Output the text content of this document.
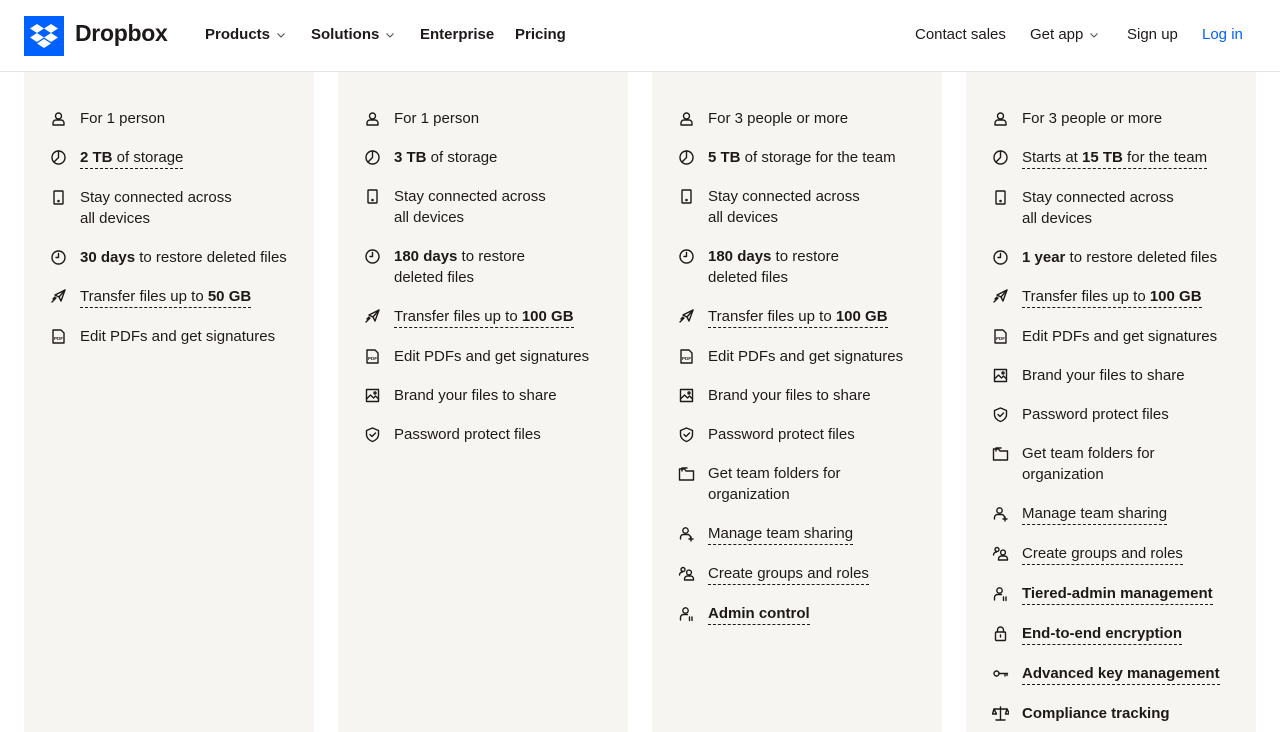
Dropbox	Products	Solutions	Enterprise Pricing	Contact sales Get app	Sign up Log in
For 1 person
2 TB of storage
Stay connected across
all devices
30 days to restore deleted files
Transfer files up to 50 GB
PDF Edit PDFs and get signatures
For 1 person
3 TB of storage
Stay connected across
all devices
180 days to restore
deleted files
Transfer files up to 100 GB
PDF Edit PDFs and get signatures
Brand your files to share
Password protect files
For 3 people or more
5 TB of storage for the team
Stay connected across
all devices
180 days to restore
deleted files
Transfer files up to 100 GB
PDF Edit PDFs and get signatures
Brand your files to share
Password protect files
Get team folders for
organization
Manage team sharing
Create groups and roles
Admin control
For 3 people or more
Starts at 15 TB for the team
Stay connected across
all devices
1 year to restore deleted files
Transfer files up to 100 GB
PDF Edit PDFs and get signatures
Brand your files to share
Password protect files
Get team folders for
organization
Manage team sharing
Create groups and roles
Tiered-admin management
End-to-end encryption
Advanced key management
Compliance tracking
